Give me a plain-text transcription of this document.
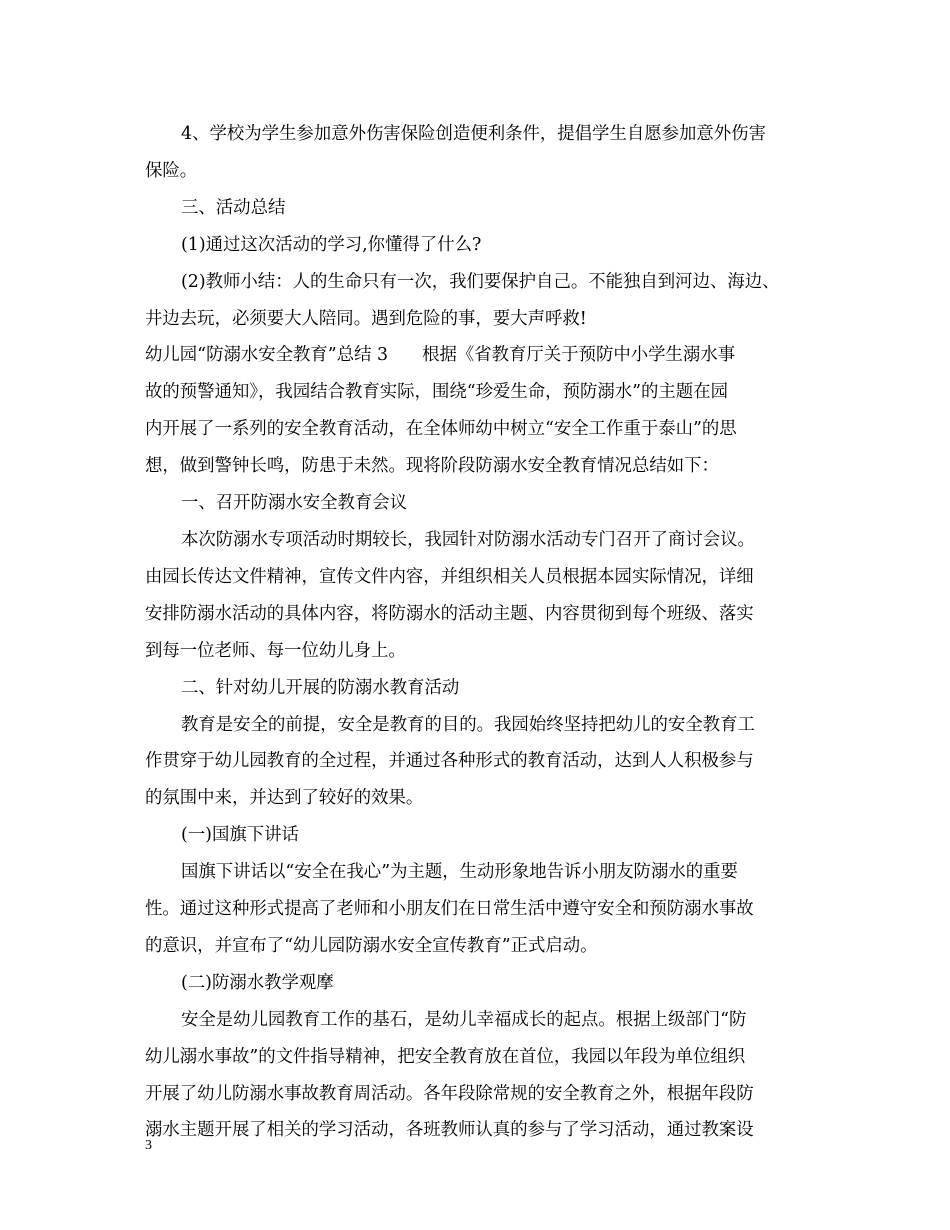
4、学校为学生参加意外伤害保险创造便利条件，提倡学生自愿参加意外伤害

保险。

三、活动总结

(1)通过这次活动的学习,你懂得了什么?

(2)教师小结：人的生命只有一次，我们要保护自己。不能独自到河边、海边、

井边去玩，必须要大人陪同。遇到危险的事，要大声呼救!

幼儿园“防溺水安全教育”总结 3 根据《省教育厅关于预防中小学生溺水事

故的预警通知》，我园结合教育实际，围绕“珍爱生命，预防溺水”的主题在园

内开展了一系列的安全教育活动，在全体师幼中树立“安全工作重于泰山”的思

想，做到警钟长鸣，防患于未然。现将阶段防溺水安全教育情况总结如下：

一、召开防溺水安全教育会议

本次防溺水专项活动时期较长，我园针对防溺水活动专门召开了商讨会议。

由园长传达文件精神，宣传文件内容，并组织相关人员根据本园实际情况，详细

安排防溺水活动的具体内容，将防溺水的活动主题、内容贯彻到每个班级、落实

到每一位老师、每一位幼儿身上。

二、针对幼儿开展的防溺水教育活动

教育是安全的前提，安全是教育的目的。我园始终坚持把幼儿的安全教育工

作贯穿于幼儿园教育的全过程，并通过各种形式的教育活动，达到人人积极参与

的氛围中来，并达到了较好的效果。

(一)国旗下讲话

国旗下讲话以“安全在我心”为主题，生动形象地告诉小朋友防溺水的重要

性。通过这种形式提高了老师和小朋友们在日常生活中遵守安全和预防溺水事故

的意识，并宣布了“幼儿园防溺水安全宣传教育”正式启动。

(二)防溺水教学观摩

安全是幼儿园教育工作的基石，是幼儿幸福成长的起点。根据上级部门“防

幼儿溺水事故”的文件指导精神，把安全教育放在首位，我园以年段为单位组织

开展了幼儿防溺水事故教育周活动。各年段除常规的安全教育之外，根据年段防

溺水主题开展了相关的学习活动，各班教师认真的参与了学习活动，通过教案设

3
